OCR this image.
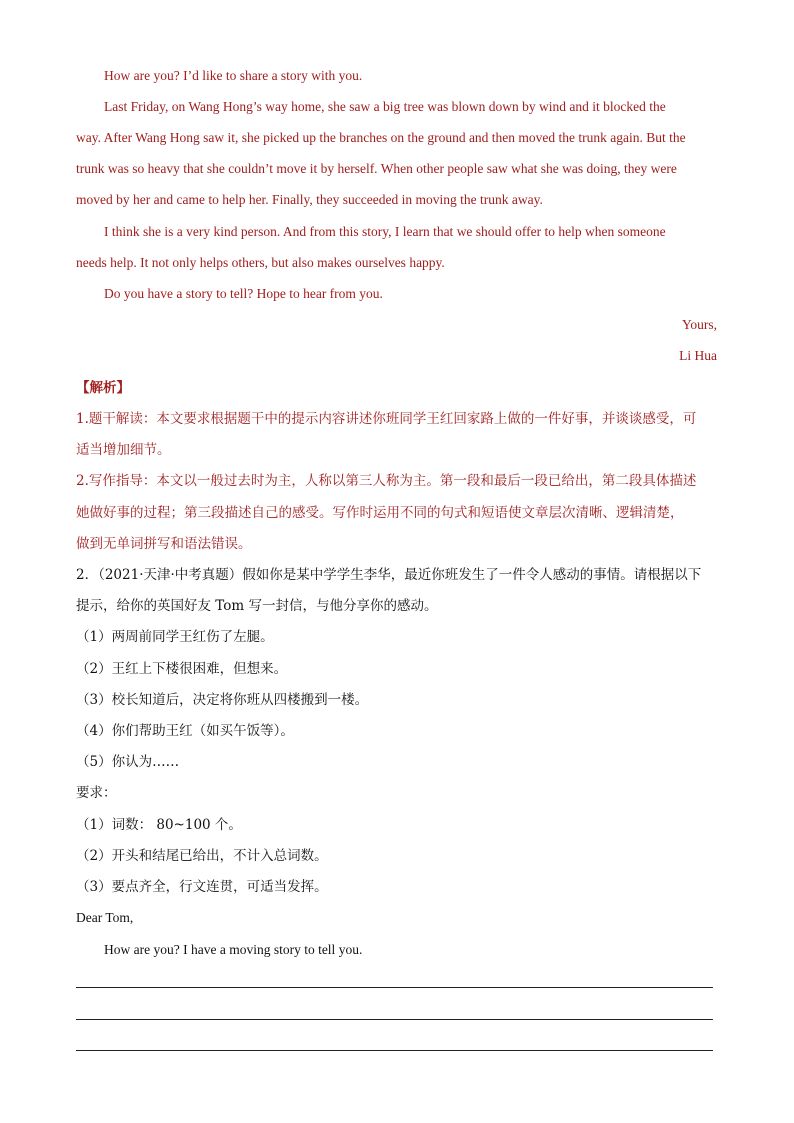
How are you? I’d like to share a story with you.
Last Friday, on Wang Hong’s way home, she saw a big tree was blown down by wind and it blocked the
way. After Wang Hong saw it, she picked up the branches on the ground and then moved the trunk again. But the
trunk was so heavy that she couldn’t move it by herself. When other people saw what she was doing, they were
moved by her and came to help her. Finally, they succeeded in moving the trunk away.
I think she is a very kind person. And from this story, I learn that we should offer to help when someone
needs help. It not only helps others, but also makes ourselves happy.
Do you have a story to tell? Hope to hear from you.
Yours,
Li Hua
【解析】
1.题干解读：本文要求根据题干中的提示内容讲述你班同学王红回家路上做的一件好事，并谈谈感受，可
适当增加细节。
2.写作指导：本文以一般过去时为主，人称以第三人称为主。第一段和最后一段已给出，第二段具体描述
她做好事的过程；第三段描述自己的感受。写作时运用不同的句式和短语使文章层次清晰、逻辑清楚，
做到无单词拼写和语法错误。
2．（2021·天津·中考真题）假如你是某中学学生李华，最近你班发生了一件令人感动的事情。请根据以下
提示，给你的英国好友 Tom 写一封信，与他分享你的感动。
（1）两周前同学王红伤了左腿。
（2）王红上下楼很困难，但想来。
（3）校长知道后，决定将你班从四楼搬到一楼。
（4）你们帮助王红（如买午饭等）。
（5）你认为……
要求：
（1）词数： 80~100 个。
（2）开头和结尾已给出，不计入总词数。
（3）要点齐全，行文连贯，可适当发挥。
Dear Tom,
How are you? I have a moving story to tell you.
